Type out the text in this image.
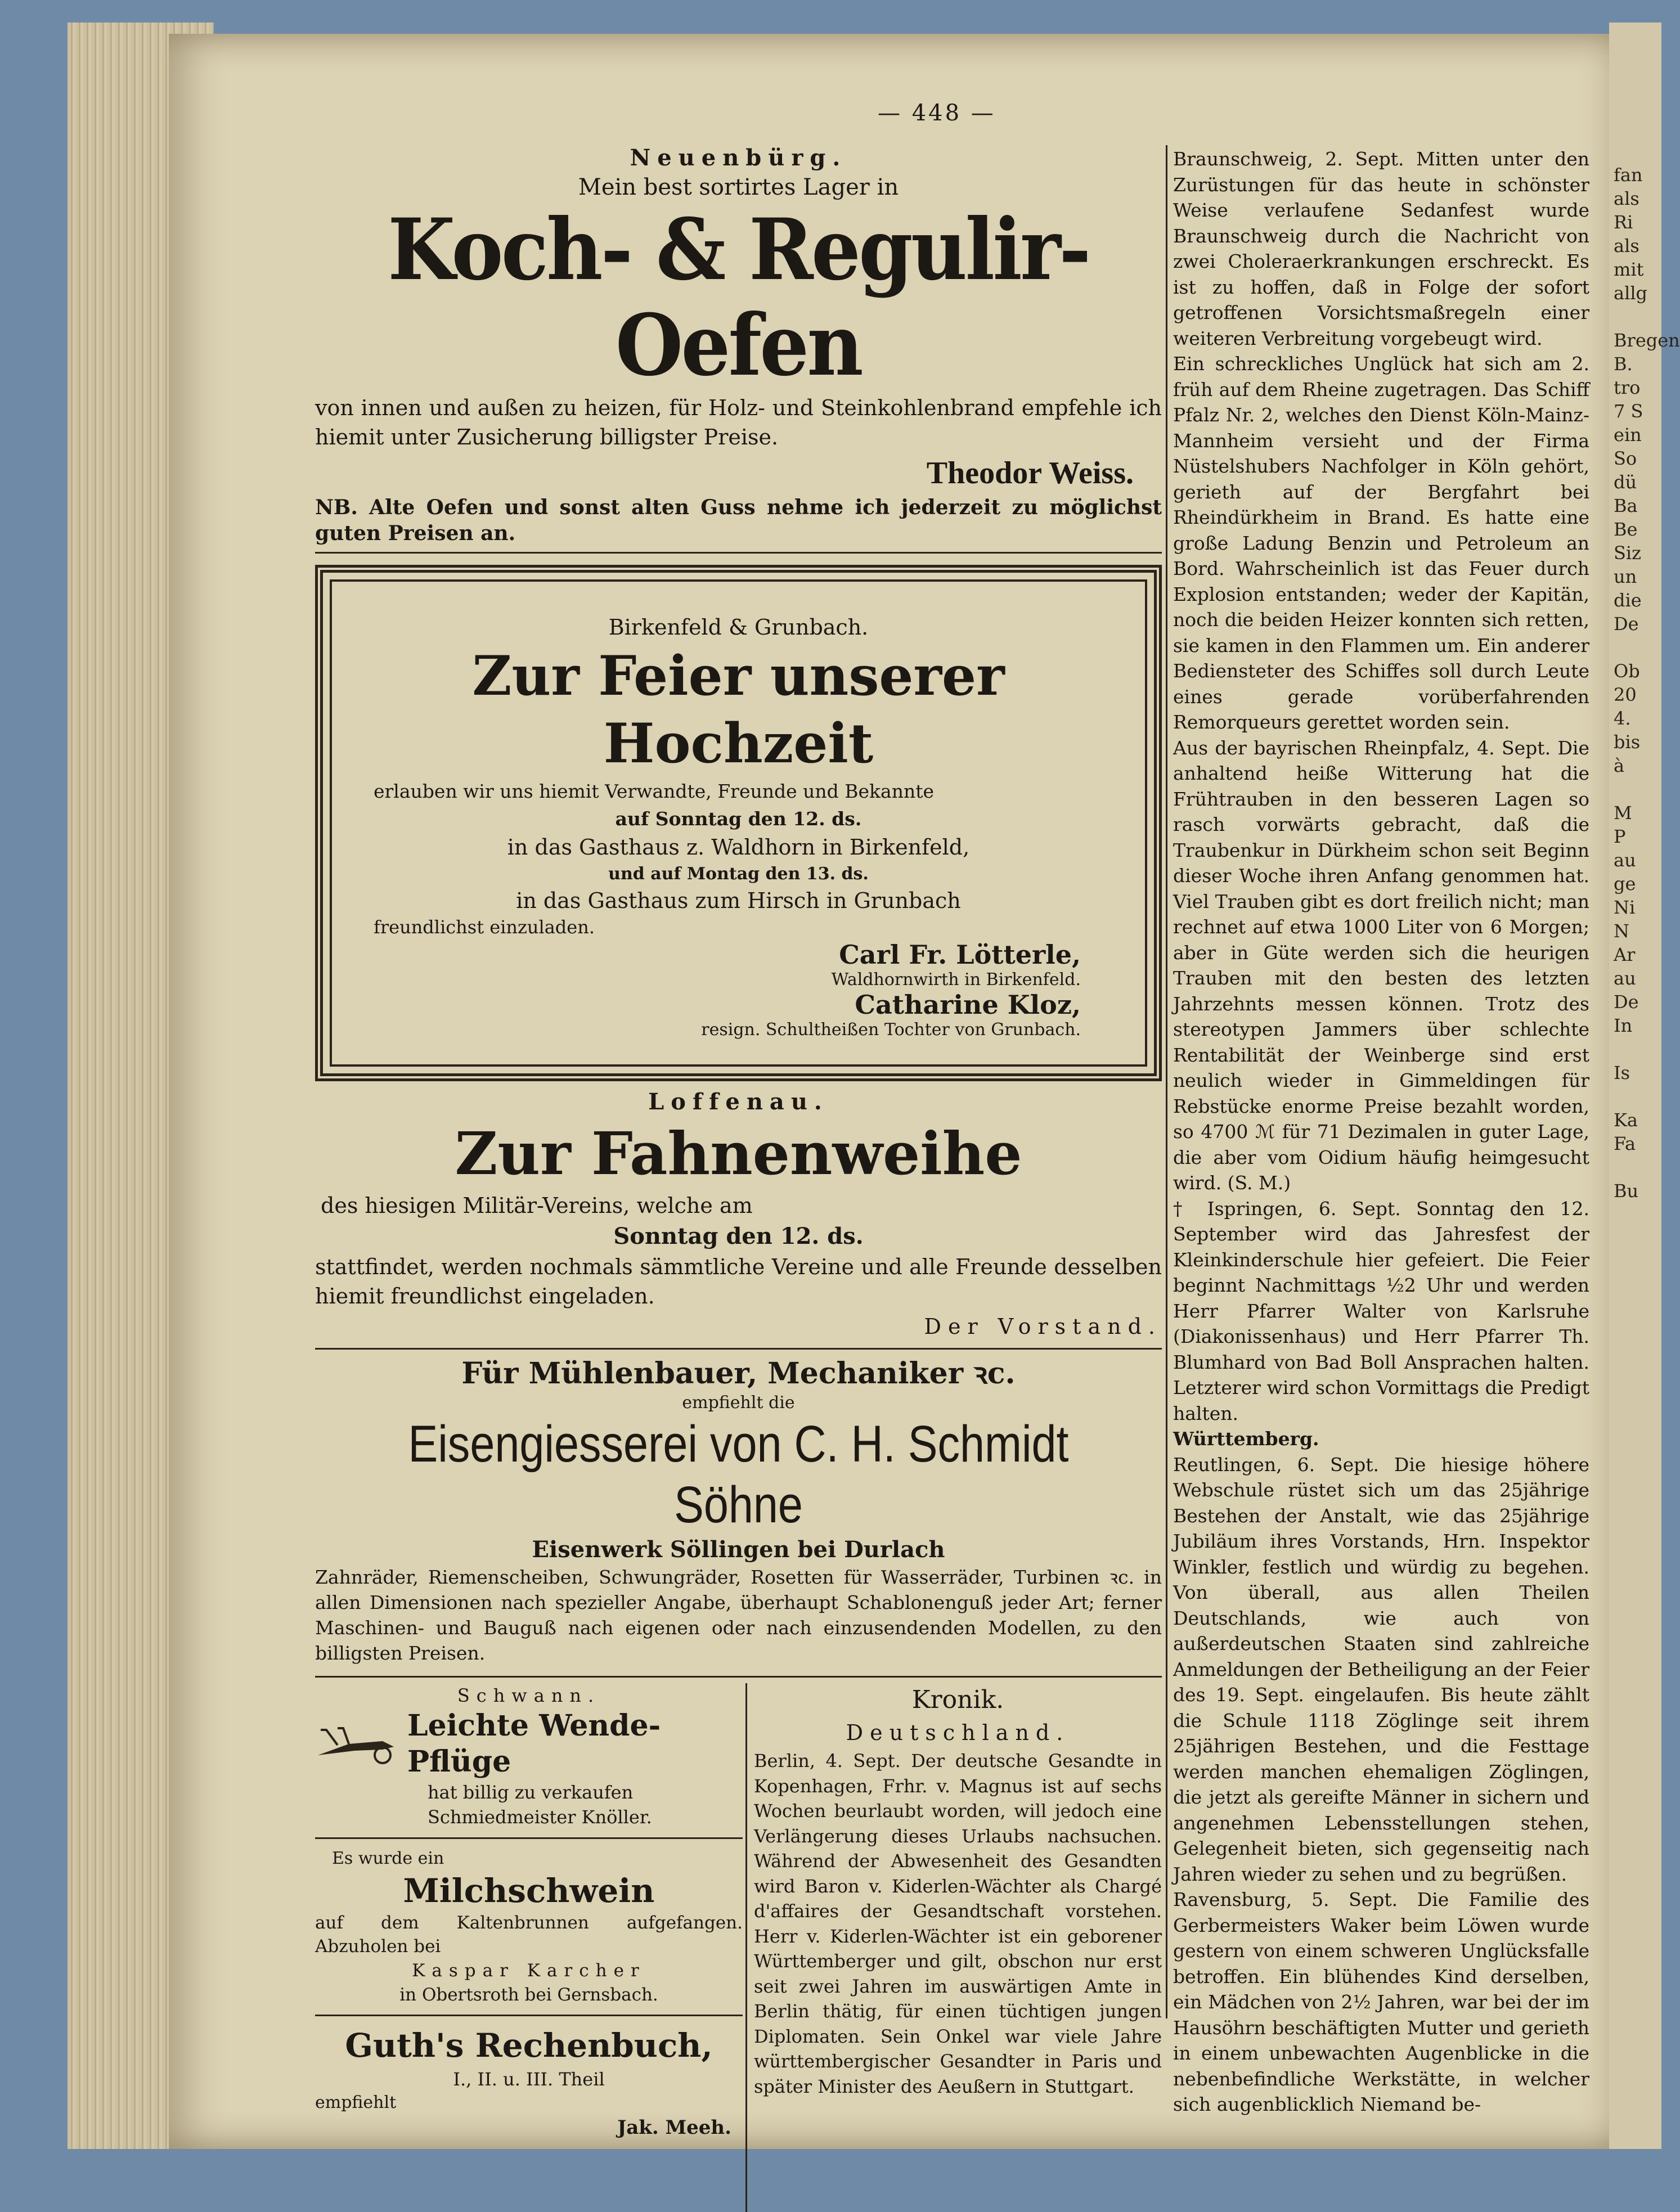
fan
als
Ri
als
mit
allg

Bregen
B.
tro
7 S
ein
So
dü
Ba
Be
Siz
un
die
De

Ob
20
4.
bis
à

M
P
au
ge
Ni
N
Ar
au
De
In

Is

Ka
Fa

Bu
— 448 —

Neuenbürg.

Mein best sortirtes Lager in

Koch- & Regulir-Oefen

von innen und außen zu heizen, für Holz- und Steinkohlenbrand empfehle ich hiemit unter Zusicherung billigster Preise.

Theodor Weiss.

NB. Alte Oefen und sonst alten Guss nehme ich jederzeit zu möglichst guten Preisen an.

Birkenfeld & Grunbach.

Zur Feier unserer Hochzeit

erlauben wir uns hiemit Verwandte, Freunde und Bekannte

auf Sonntag den 12. ds.

in das Gasthaus z. Waldhorn in Birkenfeld,

und auf Montag den 13. ds.

in das Gasthaus zum Hirsch in Grunbach

freundlichst einzuladen.

Carl Fr. Lötterle,

Waldhornwirth in Birkenfeld.

Catharine Kloz,

resign. Schultheißen Tochter von Grunbach.

Loffenau.

Zur Fahnenweihe

des hiesigen Militär-Vereins, welche am

Sonntag den 12. ds.

stattfindet, werden nochmals sämmtliche Vereine und alle Freunde desselben hiemit freundlichst eingeladen.

Der Vorstand.

Für Mühlenbauer, Mechaniker ꝛc.

empfiehlt die

Eisengiesserei von C. H. Schmidt Söhne

Eisenwerk Söllingen bei Durlach

Zahnräder, Riemenscheiben, Schwungräder, Rosetten für Wasserräder, Turbinen ꝛc. in allen Dimensionen nach spezieller Angabe, überhaupt Schablonenguß jeder Art; ferner Maschinen- und Bauguß nach eigenen oder nach einzusendenden Modellen, zu den billigsten Preisen.

Schwann.

Leichte Wende-Pflüge

hat billig zu verkaufen

Schmiedmeister Knöller.

Es wurde ein

Milchschwein

auf dem Kaltenbrunnen aufgefangen. Abzuholen bei

Kaspar Karcher

in Obertsroth bei Gernsbach.

Guth's Rechenbuch,

I., II. u. III. Theil

empfiehlt

Jak. Meeh.

Kronik.

Deutschland.

Berlin, 4. Sept. Der deutsche Gesandte in Kopenhagen, Frhr. v. Magnus ist auf sechs Wochen beurlaubt worden, will jedoch eine Verlängerung dieses Urlaubs nachsuchen. Während der Abwesenheit des Gesandten wird Baron v. Kiderlen-Wächter als Chargé d'affaires der Gesandtschaft vorstehen. Herr v. Kiderlen-Wächter ist ein geborener Württemberger und gilt, obschon nur erst seit zwei Jahren im auswärtigen Amte in Berlin thätig, für einen tüchtigen jungen Diplomaten. Sein Onkel war viele Jahre württembergischer Gesandter in Paris und später Minister des Aeußern in Stuttgart.

Braunschweig, 2. Sept. Mitten unter den Zurüstungen für das heute in schönster Weise verlaufene Sedanfest wurde Braunschweig durch die Nachricht von zwei Choleraerkrankungen erschreckt. Es ist zu hoffen, daß in Folge der sofort getroffenen Vorsichtsmaßregeln einer weiteren Verbreitung vorgebeugt wird.

Ein schreckliches Unglück hat sich am 2. früh auf dem Rheine zugetragen. Das Schiff Pfalz Nr. 2, welches den Dienst Köln-Mainz-Mannheim versieht und der Firma Nüstelshubers Nachfolger in Köln gehört, gerieth auf der Bergfahrt bei Rheindürkheim in Brand. Es hatte eine große Ladung Benzin und Petroleum an Bord. Wahrscheinlich ist das Feuer durch Explosion entstanden; weder der Kapitän, noch die beiden Heizer konnten sich retten, sie kamen in den Flammen um. Ein anderer Bediensteter des Schiffes soll durch Leute eines gerade vorüberfahrenden Remorqueurs gerettet worden sein.

Aus der bayrischen Rheinpfalz, 4. Sept. Die anhaltend heiße Witterung hat die Frühtrauben in den besseren Lagen so rasch vorwärts gebracht, daß die Traubenkur in Dürkheim schon seit Beginn dieser Woche ihren Anfang genommen hat. Viel Trauben gibt es dort freilich nicht; man rechnet auf etwa 1000 Liter von 6 Morgen; aber in Güte werden sich die heurigen Trauben mit den besten des letzten Jahrzehnts messen können. Trotz des stereotypen Jammers über schlechte Rentabilität der Weinberge sind erst neulich wieder in Gimmeldingen für Rebstücke enorme Preise bezahlt worden, so 4700 ℳ für 71 Dezimalen in guter Lage, die aber vom Oidium häufig heimgesucht wird. (S. M.)

† Ispringen, 6. Sept. Sonntag den 12. September wird das Jahresfest der Kleinkinderschule hier gefeiert. Die Feier beginnt Nachmittags ½2 Uhr und werden Herr Pfarrer Walter von Karlsruhe (Diakonissenhaus) und Herr Pfarrer Th. Blumhard von Bad Boll Ansprachen halten. Letzterer wird schon Vormittags die Predigt halten.

Württemberg.

Reutlingen, 6. Sept. Die hiesige höhere Webschule rüstet sich um das 25jährige Bestehen der Anstalt, wie das 25jährige Jubiläum ihres Vorstands, Hrn. Inspektor Winkler, festlich und würdig zu begehen. Von überall, aus allen Theilen Deutschlands, wie auch von außerdeutschen Staaten sind zahlreiche Anmeldungen der Betheiligung an der Feier des 19. Sept. eingelaufen. Bis heute zählt die Schule 1118 Zöglinge seit ihrem 25jährigen Bestehen, und die Festtage werden manchen ehemaligen Zöglingen, die jetzt als gereifte Männer in sichern und angenehmen Lebensstellungen stehen, Gelegenheit bieten, sich gegenseitig nach Jahren wieder zu sehen und zu begrüßen.

Ravensburg, 5. Sept. Die Familie des Gerbermeisters Waker beim Löwen wurde gestern von einem schweren Unglücksfalle betroffen. Ein blühendes Kind derselben, ein Mädchen von 2½ Jahren, war bei der im Hausöhrn beschäftigten Mutter und gerieth in einem unbewachten Augenblicke in die nebenbefindliche Werkstätte, in welcher sich augenblicklich Niemand be-
